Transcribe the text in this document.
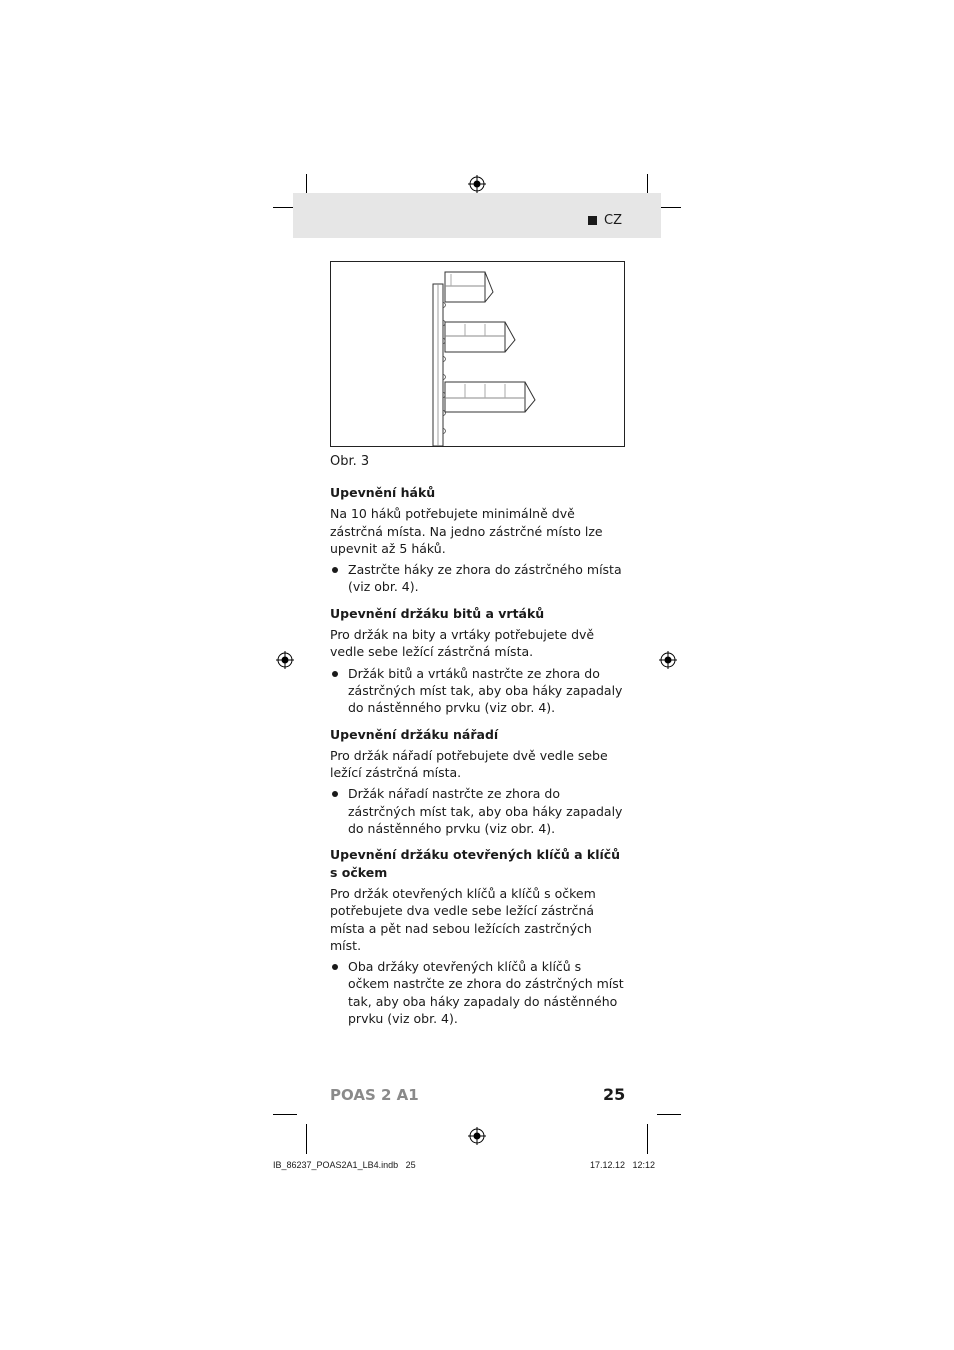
CZ
Obr. 3
Upevnění háků

Na 10 háků potřebujete minimálně dvě zástrčná místa. Na jedno zástrčné místo lze upevnit až 5 háků.

Zastrčte háky ze zhora do zástrčného místa (viz obr. 4).
Upevnění držáku bitů a vrtáků

Pro držák na bity a vrtáky potřebujete dvě vedle sebe ležící zástrčná místa.

Držák bitů a vrtáků nastrčte ze zhora do zástrčných míst tak, aby oba háky zapadaly do nástěnného prvku (viz obr. 4).
Upevnění držáku nářadí

Pro držák nářadí potřebujete dvě vedle sebe ležící zástrčná místa.

Držák nářadí nastrčte ze zhora do zástrčných míst tak, aby oba háky zapadaly do nástěnného prvku (viz obr. 4).
Upevnění držáku otevřených klíčů a klíčů s očkem

Pro držák otevřených klíčů a klíčů s očkem potřebujete dva vedle sebe ležící zástrčná místa a pět nad sebou ležících zastrčných míst.

Oba držáky otevřených klíčů a klíčů s očkem nastrčte ze zhora do zástrčných míst tak, aby oba háky zapadaly do nástěnného prvku (viz obr. 4).
POAS 2 A1	25
IB_86237_POAS2A1_LB4.indb   25	17.12.12   12:12
